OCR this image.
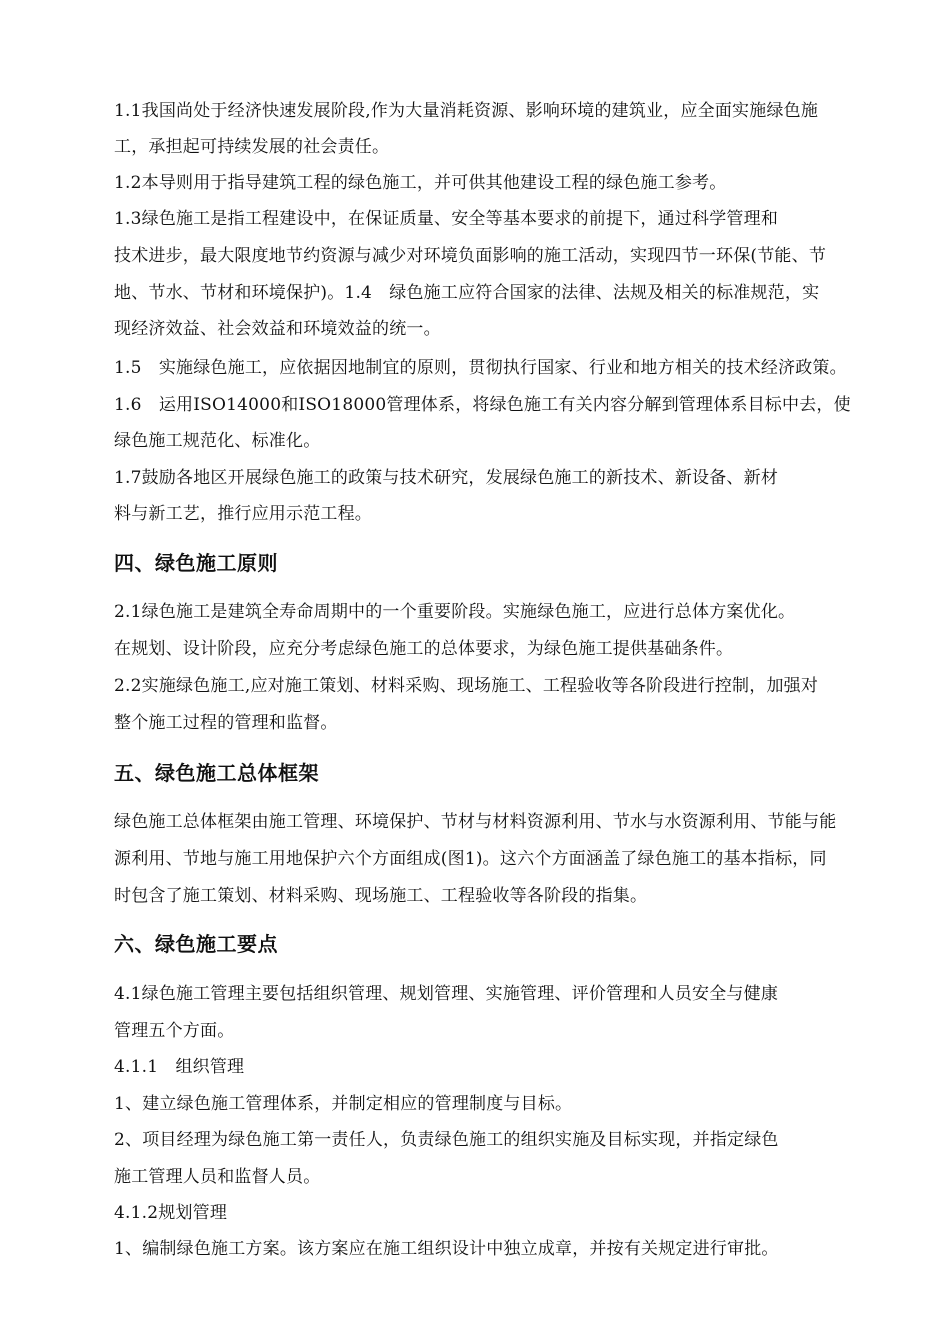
1.1我国尚处于经济快速发展阶段,作为大量消耗资源、影响环境的建筑业，应全面实施绿色施
工，承担起可持续发展的社会责任。
1.2本导则用于指导建筑工程的绿色施工，并可供其他建设工程的绿色施工参考。
1.3绿色施工是指工程建设中，在保证质量、安全等基本要求的前提下，通过科学管理和
技术进步，最大限度地节约资源与减少对环境负面影响的施工活动，实现四节一环保(节能、节
地、节水、节材和环境保护)。1.4　绿色施工应符合国家的法律、法规及相关的标准规范，实
现经济效益、社会效益和环境效益的统一。
1.5　实施绿色施工，应依据因地制宜的原则，贯彻执行国家、行业和地方相关的技术经济政策。
1.6　运用ISO14000和ISO18000管理体系，将绿色施工有关内容分解到管理体系目标中去，使
绿色施工规范化、标准化。
1.7鼓励各地区开展绿色施工的政策与技术研究，发展绿色施工的新技术、新设备、新材
料与新工艺，推行应用示范工程。
四、绿色施工原则
2.1绿色施工是建筑全寿命周期中的一个重要阶段。实施绿色施工，应进行总体方案优化。
在规划、设计阶段，应充分考虑绿色施工的总体要求，为绿色施工提供基础条件。
2.2实施绿色施工,应对施工策划、材料采购、现场施工、工程验收等各阶段进行控制，加强对
整个施工过程的管理和监督。
五、绿色施工总体框架
绿色施工总体框架由施工管理、环境保护、节材与材料资源利用、节水与水资源利用、节能与能
源利用、节地与施工用地保护六个方面组成(图1)。这六个方面涵盖了绿色施工的基本指标，同
时包含了施工策划、材料采购、现场施工、工程验收等各阶段的指集。
六、绿色施工要点
4.1绿色施工管理主要包括组织管理、规划管理、实施管理、评价管理和人员安全与健康
管理五个方面。
4.1.1　组织管理
1、建立绿色施工管理体系，并制定相应的管理制度与目标。
2、项目经理为绿色施工第一责任人，负责绿色施工的组织实施及目标实现，并指定绿色
施工管理人员和监督人员。
4.1.2规划管理
1、编制绿色施工方案。该方案应在施工组织设计中独立成章，并按有关规定进行审批。
